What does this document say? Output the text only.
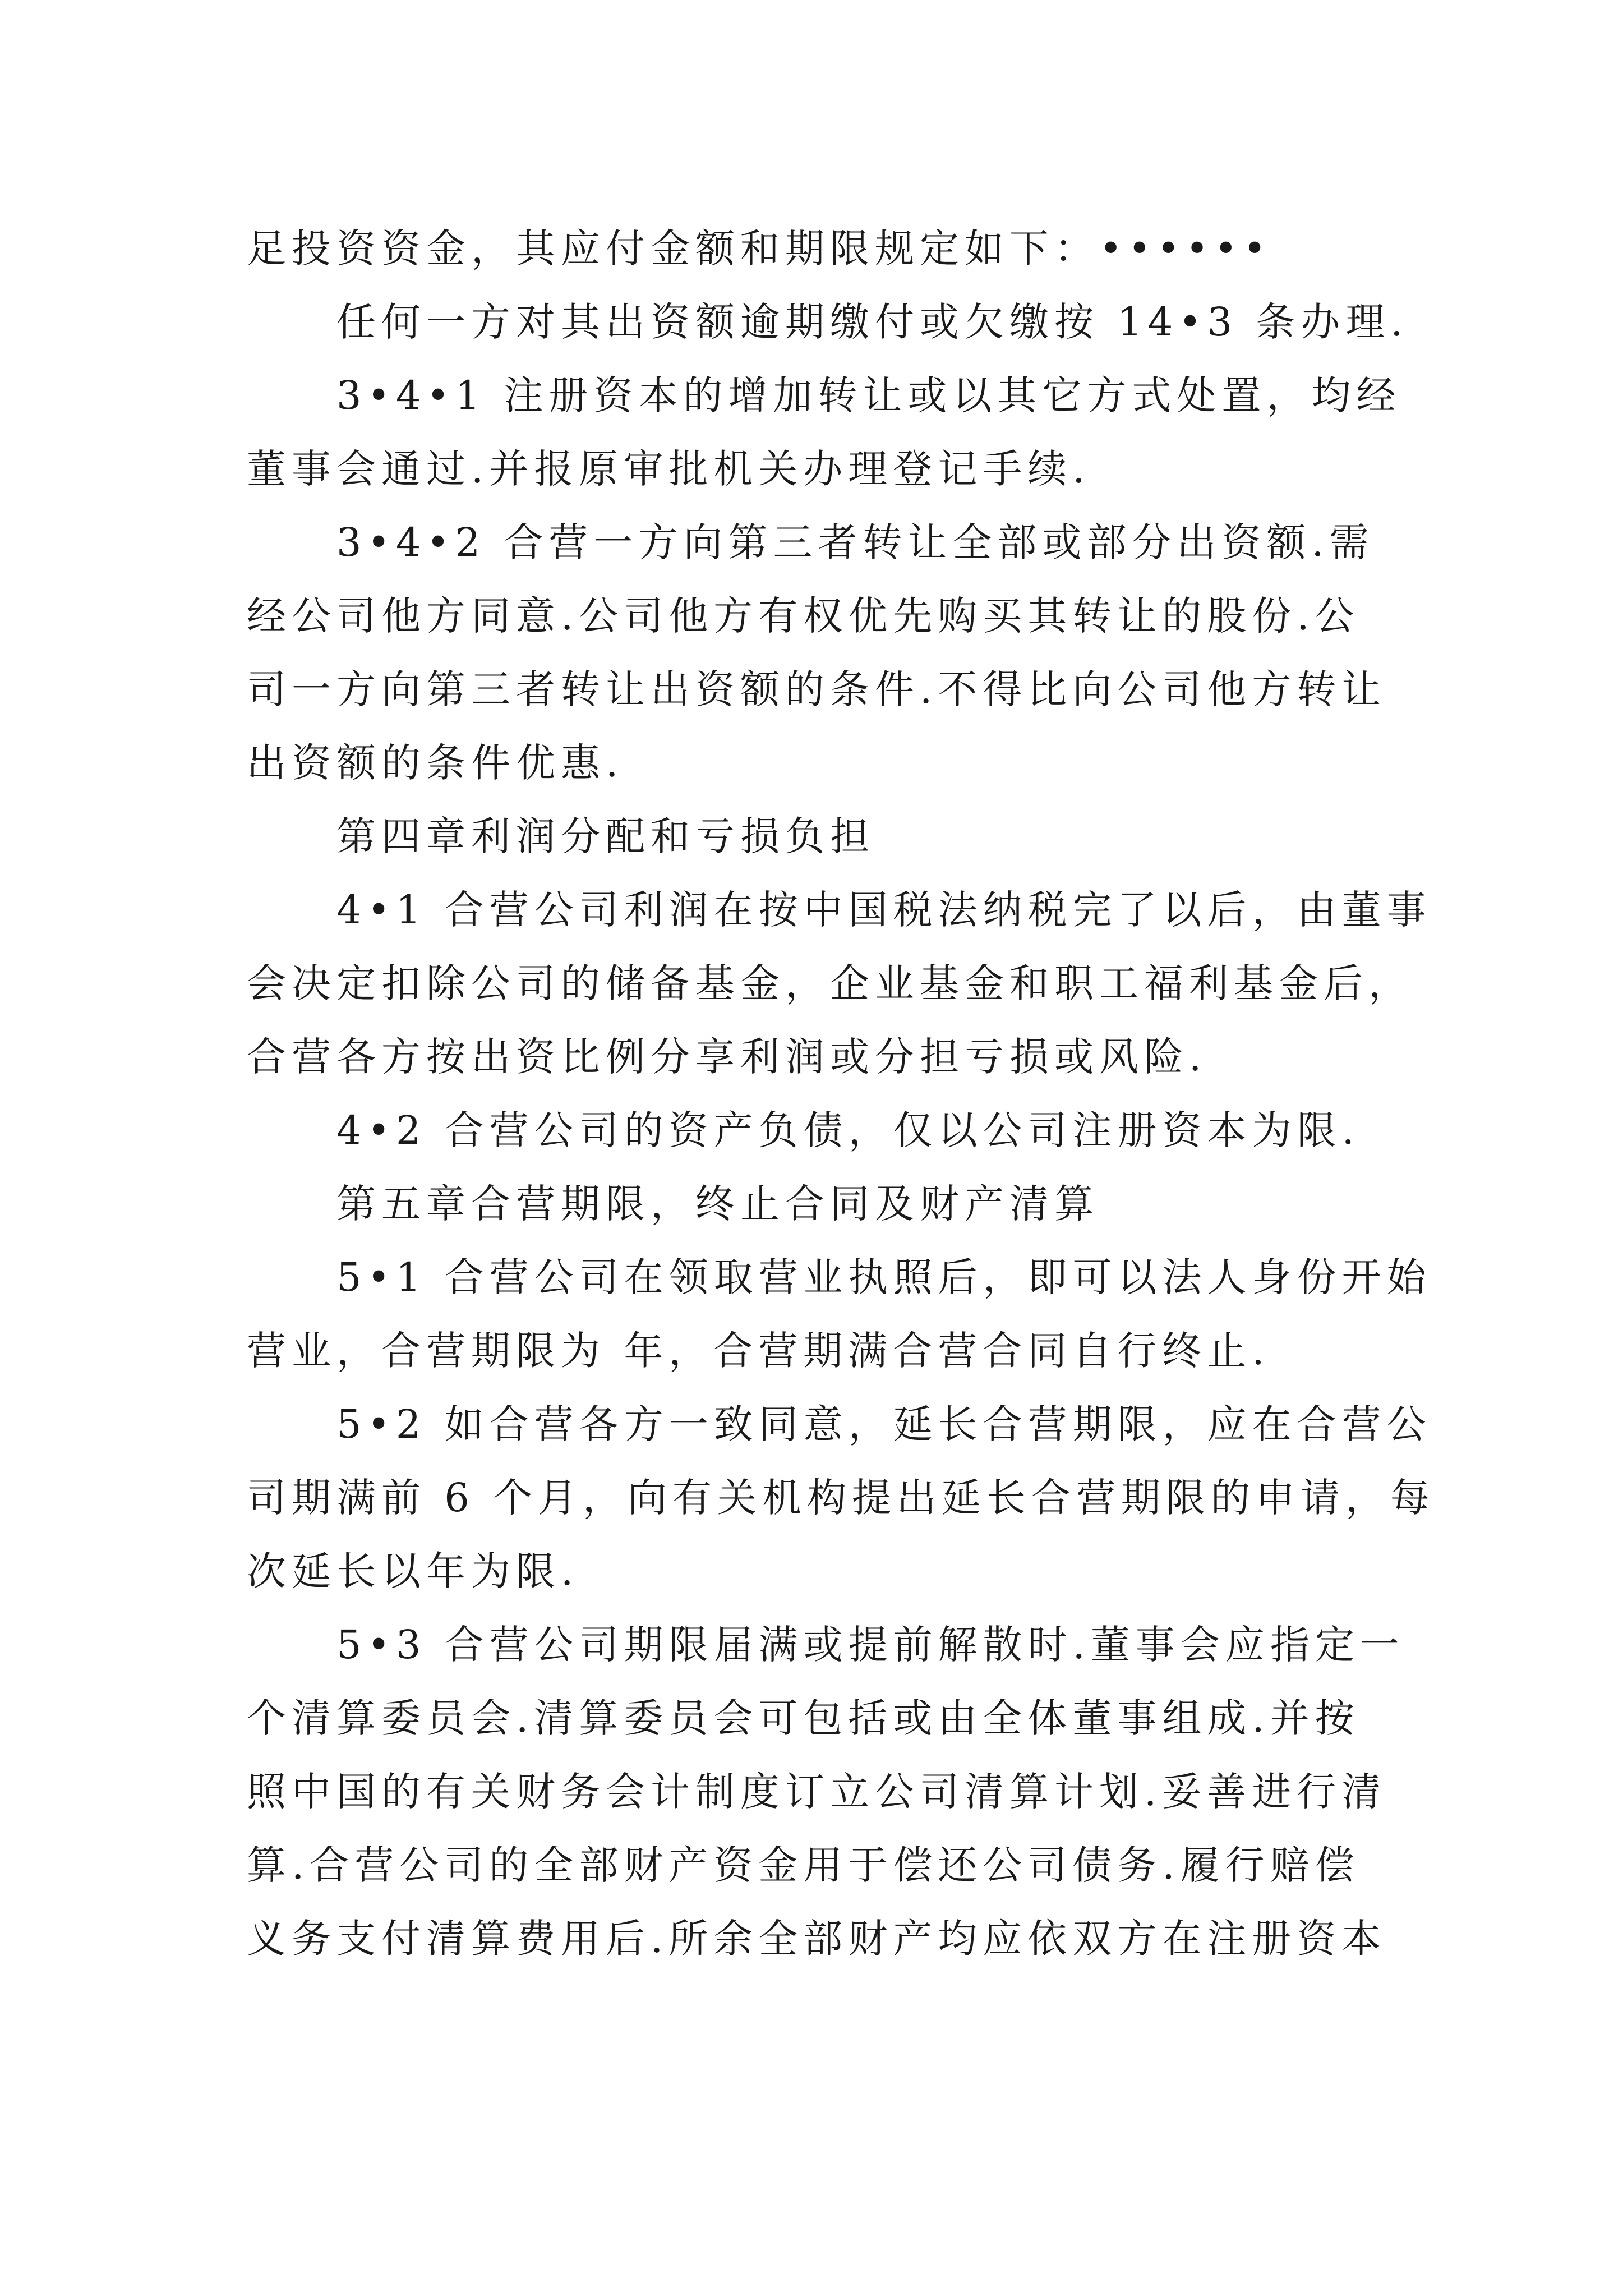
足投资资金，其应付金额和期限规定如下：••••••
任何一方对其出资额逾期缴付或欠缴按 14•3 条办理.
3•4•1 注册资本的增加转让或以其它方式处置，均经
董事会通过.并报原审批机关办理登记手续.
3•4•2 合营一方向第三者转让全部或部分出资额.需
经公司他方同意.公司他方有权优先购买其转让的股份.公
司一方向第三者转让出资额的条件.不得比向公司他方转让
出资额的条件优惠.
第四章利润分配和亏损负担
4•1 合营公司利润在按中国税法纳税完了以后，由董事
会决定扣除公司的储备基金，企业基金和职工福利基金后，
合营各方按出资比例分享利润或分担亏损或风险.
4•2 合营公司的资产负债，仅以公司注册资本为限.
第五章合营期限，终止合同及财产清算
5•1 合营公司在领取营业执照后，即可以法人身份开始
营业，合营期限为 年，合营期满合营合同自行终止.
5•2 如合营各方一致同意，延长合营期限，应在合营公
司期满前 6 个月，向有关机构提出延长合营期限的申请，每
次延长以年为限.
5•3 合营公司期限届满或提前解散时.董事会应指定一
个清算委员会.清算委员会可包括或由全体董事组成.并按
照中国的有关财务会计制度订立公司清算计划.妥善进行清
算.合营公司的全部财产资金用于偿还公司债务.履行赔偿
义务支付清算费用后.所余全部财产均应依双方在注册资本
